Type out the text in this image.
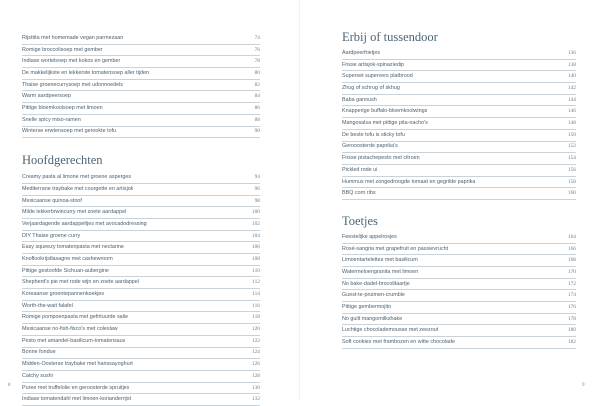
Rijsttita met homemade vegan parmezaan	74
Romige broccolisoep met gember	76
Indiase wortelsoep met kokos en gember	78
De makkelijkste en lekkerste tomatensoep aller tijden	80
Thaise groenecurrysoep met udonnoedels	82
Warm aardpeersoep	84
Pittige bloemkoolsoep met limoen	86
Snelle spicy miso-ramen	88
Winterse erwtensoep met gerookte tofu	90
Hoofdgerechten
Creamy pasta al limone met groene asperges	94
Mediterrane traybake met courgette en artisjok	96
Mexicaanse quinoa-stoof	98
Milde lekkerbrwincurry met zoete aardappel	100
Verjaardagende aardappeltjes met avocadodressing	102
DIY Thaise groene curry	104
Easy squeezy tomatenpasta met nectarine	106
Knoflookrijstlasagne met cashewroom	108
Pittige gestoofde Sichuan-aubergine	110
Shepherd's pie met rode wijn en zoete aardappel	112
Koreaanse groentepannenkoekjes	114
Worth-the-wait falafel	116
Romige pompoenpasta met gefrituurde salie	118
Mexicaanse no-fish-fisco's met coleslaw	120
Pesto met amandel-basilicum-tomatensaus	122
Bonne fondue	124
Midden-Oosterse traybake met harissayoghurt	126
Catchy sushi	128
Puree met truffelolie en geroosterde spruitjes	130
Indiase tomatendahl met limoen-korianderrijst	132
8
Erbij of tussendoor
Aardpeerfrietjes	136
Frisse artisjok-spinaziedip	138
Superset supervers platbrood	140
Zhug of schrug of skhug	142
Baba ganoush	144
Knapperige buffalo-bloemkoolwings	146
Mangosalsa met pittige pita-nacho's	148
De beste tofu is sticky tofu	150
Gerooosterde paprika's	152
Frisse pistachepesto met citroen	154
Pickled rode ui	156
Hummus met zongedroogde tomaat en gegrilde paprika	158
BBQ corn ribs	160
Toetjes
Feestelijke appelrosjes	164
Rosé-sangria met grapefruit en passievrucht	166
Limoentartelettes met basilicum	168
Watermeloengranita met limoen	170
No bake-dadel-brocolitaartje	172
Guest-te-pruimen-crumble	174
Pittige gembermojito	176
No guilt mangomilkshake	178
Luchtige chocolademousse met zeezout	180
Soft cookies met frambozen en witte chocolade	182
9
